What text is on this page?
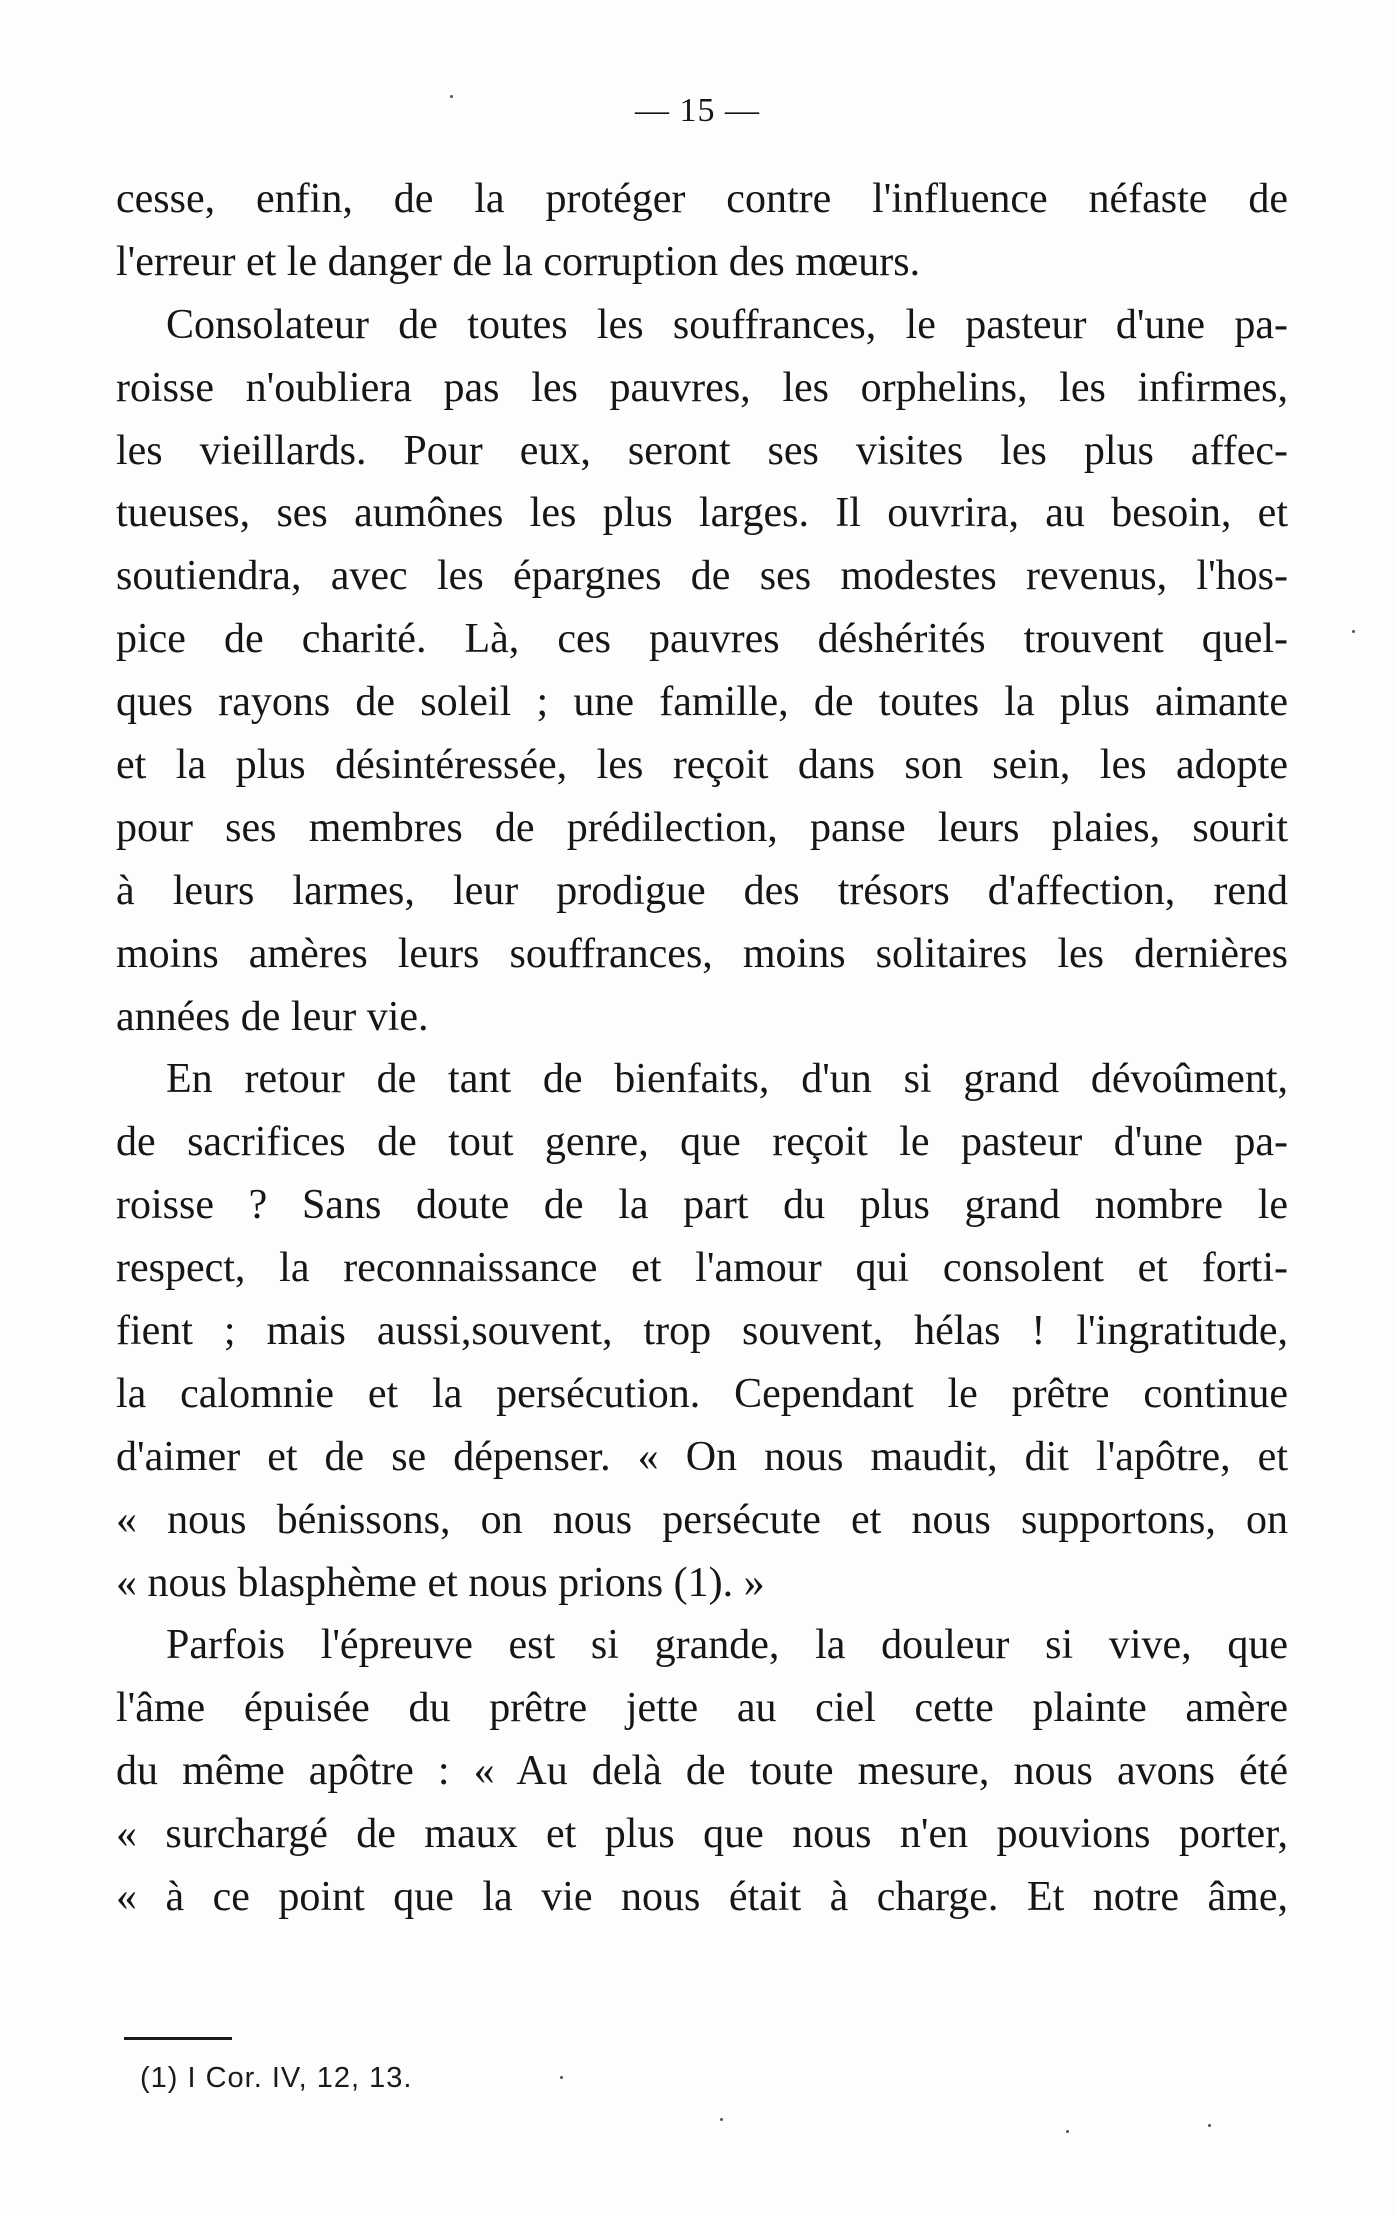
— 15 —
cesse, enfin, de la protéger contre l'influence néfaste de
l'erreur et le danger de la corruption des mœurs.
Consolateur de toutes les souffrances, le pasteur d'une pa-
roisse n'oubliera pas les pauvres, les orphelins, les infirmes,
les vieillards. Pour eux, seront ses visites les plus affec-
tueuses, ses aumônes les plus larges. Il ouvrira, au besoin, et
soutiendra, avec les épargnes de ses modestes revenus, l'hos-
pice de charité. Là, ces pauvres déshérités trouvent quel-
ques rayons de soleil ; une famille, de toutes la plus aimante
et la plus désintéressée, les reçoit dans son sein, les adopte
pour ses membres de prédilection, panse leurs plaies, sourit
à leurs larmes, leur prodigue des trésors d'affection, rend
moins amères leurs souffrances, moins solitaires les dernières
années de leur vie.
En retour de tant de bienfaits, d'un si grand dévoûment,
de sacrifices de tout genre, que reçoit le pasteur d'une pa-
roisse ? Sans doute de la part du plus grand nombre le
respect, la reconnaissance et l'amour qui consolent et forti-
fient ; mais aussi,souvent, trop souvent, hélas ! l'ingratitude,
la calomnie et la persécution. Cependant le prêtre continue
d'aimer et de se dépenser. « On nous maudit, dit l'apôtre, et
« nous bénissons, on nous persécute et nous supportons, on
« nous blasphème et nous prions (1). »
Parfois l'épreuve est si grande, la douleur si vive, que
l'âme épuisée du prêtre jette au ciel cette plainte amère
du même apôtre : « Au delà de toute mesure, nous avons été
« surchargé de maux et plus que nous n'en pouvions porter,
« à ce point que la vie nous était à charge. Et notre âme,
(1) I Cor. IV, 12, 13.
